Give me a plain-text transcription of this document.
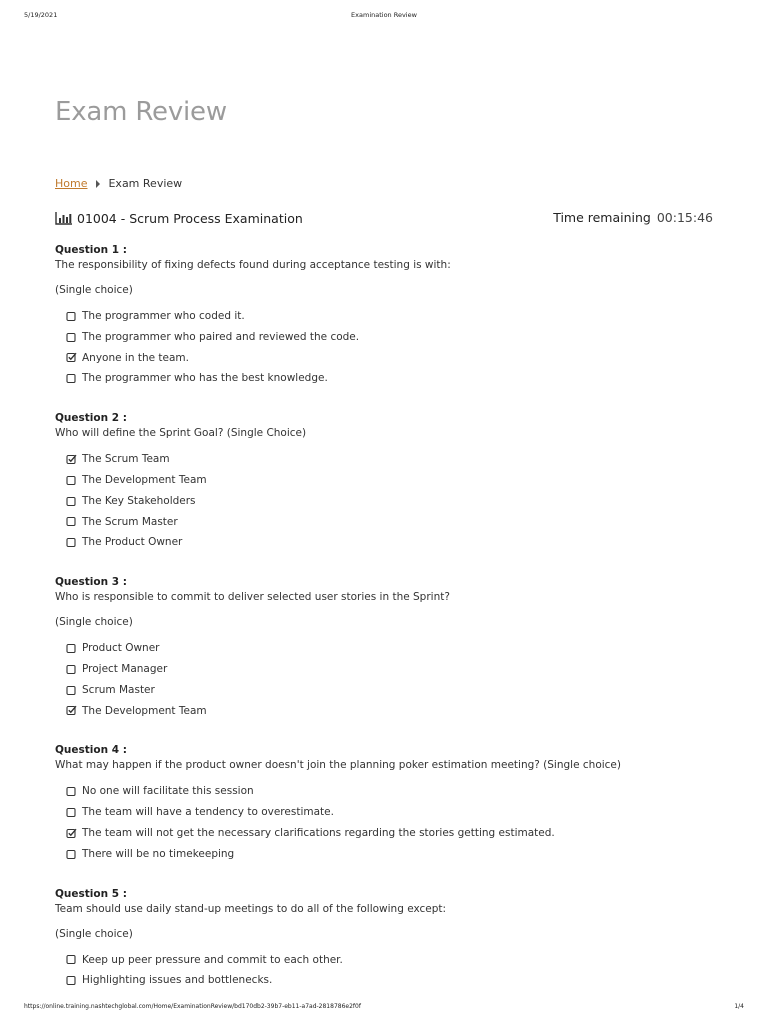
5/19/2021	Examination Review
Exam Review
Home Exam Review
01004 - Scrum Process Examination	Time remaining 00:15:46
Question 1 :
The responsibility of fixing defects found during acceptance testing is with:
(Single choice)
The programmer who coded it.
The programmer who paired and reviewed the code.
Anyone in the team.
The programmer who has the best knowledge.
Question 2 :
Who will define the Sprint Goal? (Single Choice)
The Scrum Team
The Development Team
The Key Stakeholders
The Scrum Master
The Product Owner
Question 3 :
Who is responsible to commit to deliver selected user stories in the Sprint?
(Single choice)
Product Owner
Project Manager
Scrum Master
The Development Team
Question 4 :
What may happen if the product owner doesn't join the planning poker estimation meeting? (Single choice)
No one will facilitate this session
The team will have a tendency to overestimate.
The team will not get the necessary clarifications regarding the stories getting estimated.
There will be no timekeeping
Question 5 :
Team should use daily stand-up meetings to do all of the following except:
(Single choice)
Keep up peer pressure and commit to each other.
Highlighting issues and bottlenecks.
https://online.training.nashtechglobal.com/Home/ExaminationReview/bd170db2-39b7-eb11-a7ad-2818786e2f0f	1/4
